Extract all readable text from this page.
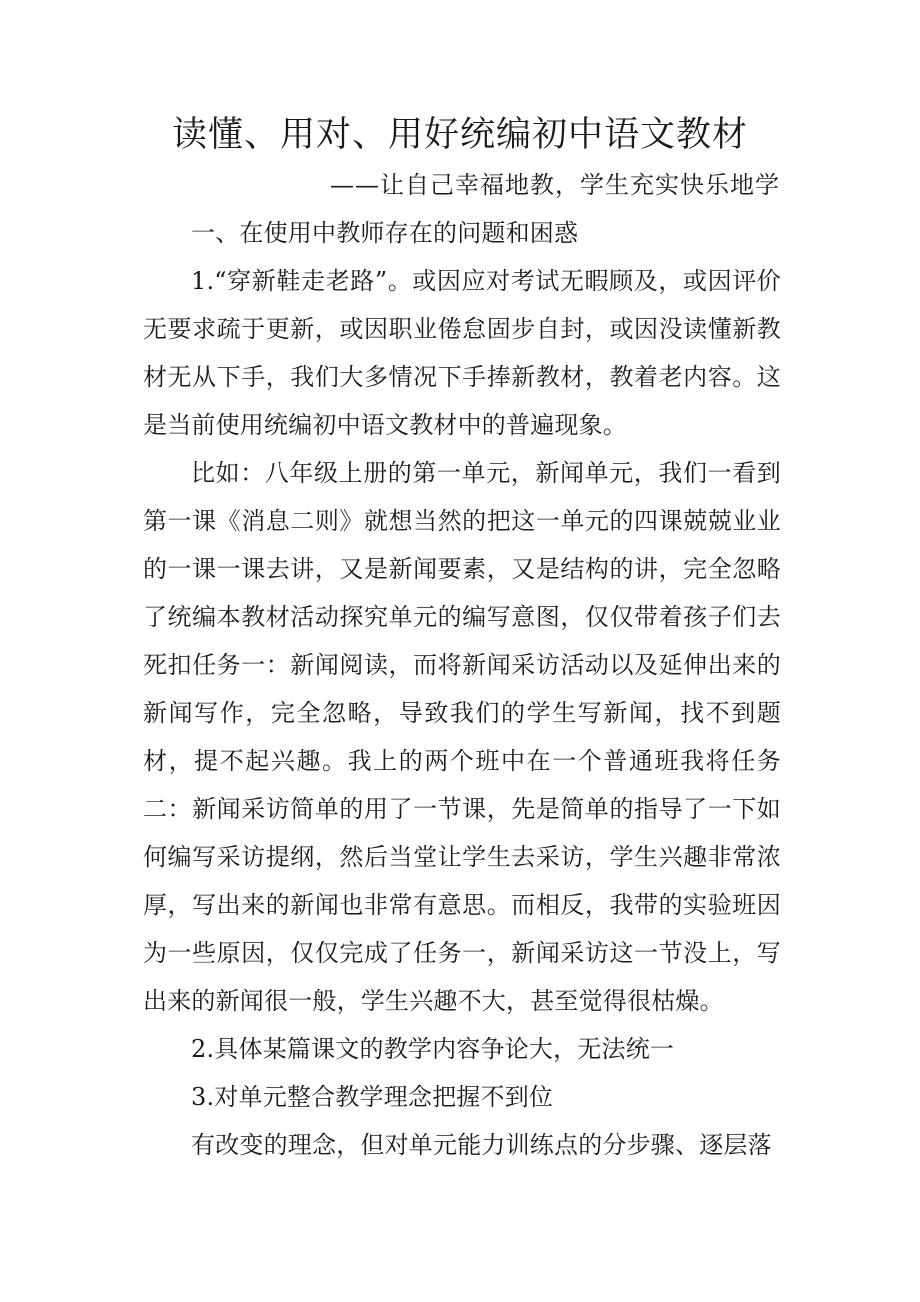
读懂、用对、用好统编初中语文教材
——让自己幸福地教，学生充实快乐地学

一、在使用中教师存在的问题和困惑

1.“穿新鞋走老路”。或因应对考试无暇顾及，或因评价无要求疏于更新，或因职业倦怠固步自封，或因没读懂新教材无从下手，我们大多情况下手捧新教材，教着老内容。这是当前使用统编初中语文教材中的普遍现象。

比如：八年级上册的第一单元，新闻单元，我们一看到第一课《消息二则》就想当然的把这一单元的四课兢兢业业的一课一课去讲，又是新闻要素，又是结构的讲，完全忽略了统编本教材活动探究单元的编写意图，仅仅带着孩子们去死扣任务一：新闻阅读，而将新闻采访活动以及延伸出来的新闻写作，完全忽略，导致我们的学生写新闻，找不到题材，提不起兴趣。我上的两个班中在一个普通班我将任务二：新闻采访简单的用了一节课，先是简单的指导了一下如何编写采访提纲，然后当堂让学生去采访，学生兴趣非常浓厚，写出来的新闻也非常有意思。而相反，我带的实验班因为一些原因，仅仅完成了任务一，新闻采访这一节没上，写出来的新闻很一般，学生兴趣不大，甚至觉得很枯燥。

2.具体某篇课文的教学内容争论大，无法统一

3.对单元整合教学理念把握不到位

有改变的理念，但对单元能力训练点的分步骤、逐层落
